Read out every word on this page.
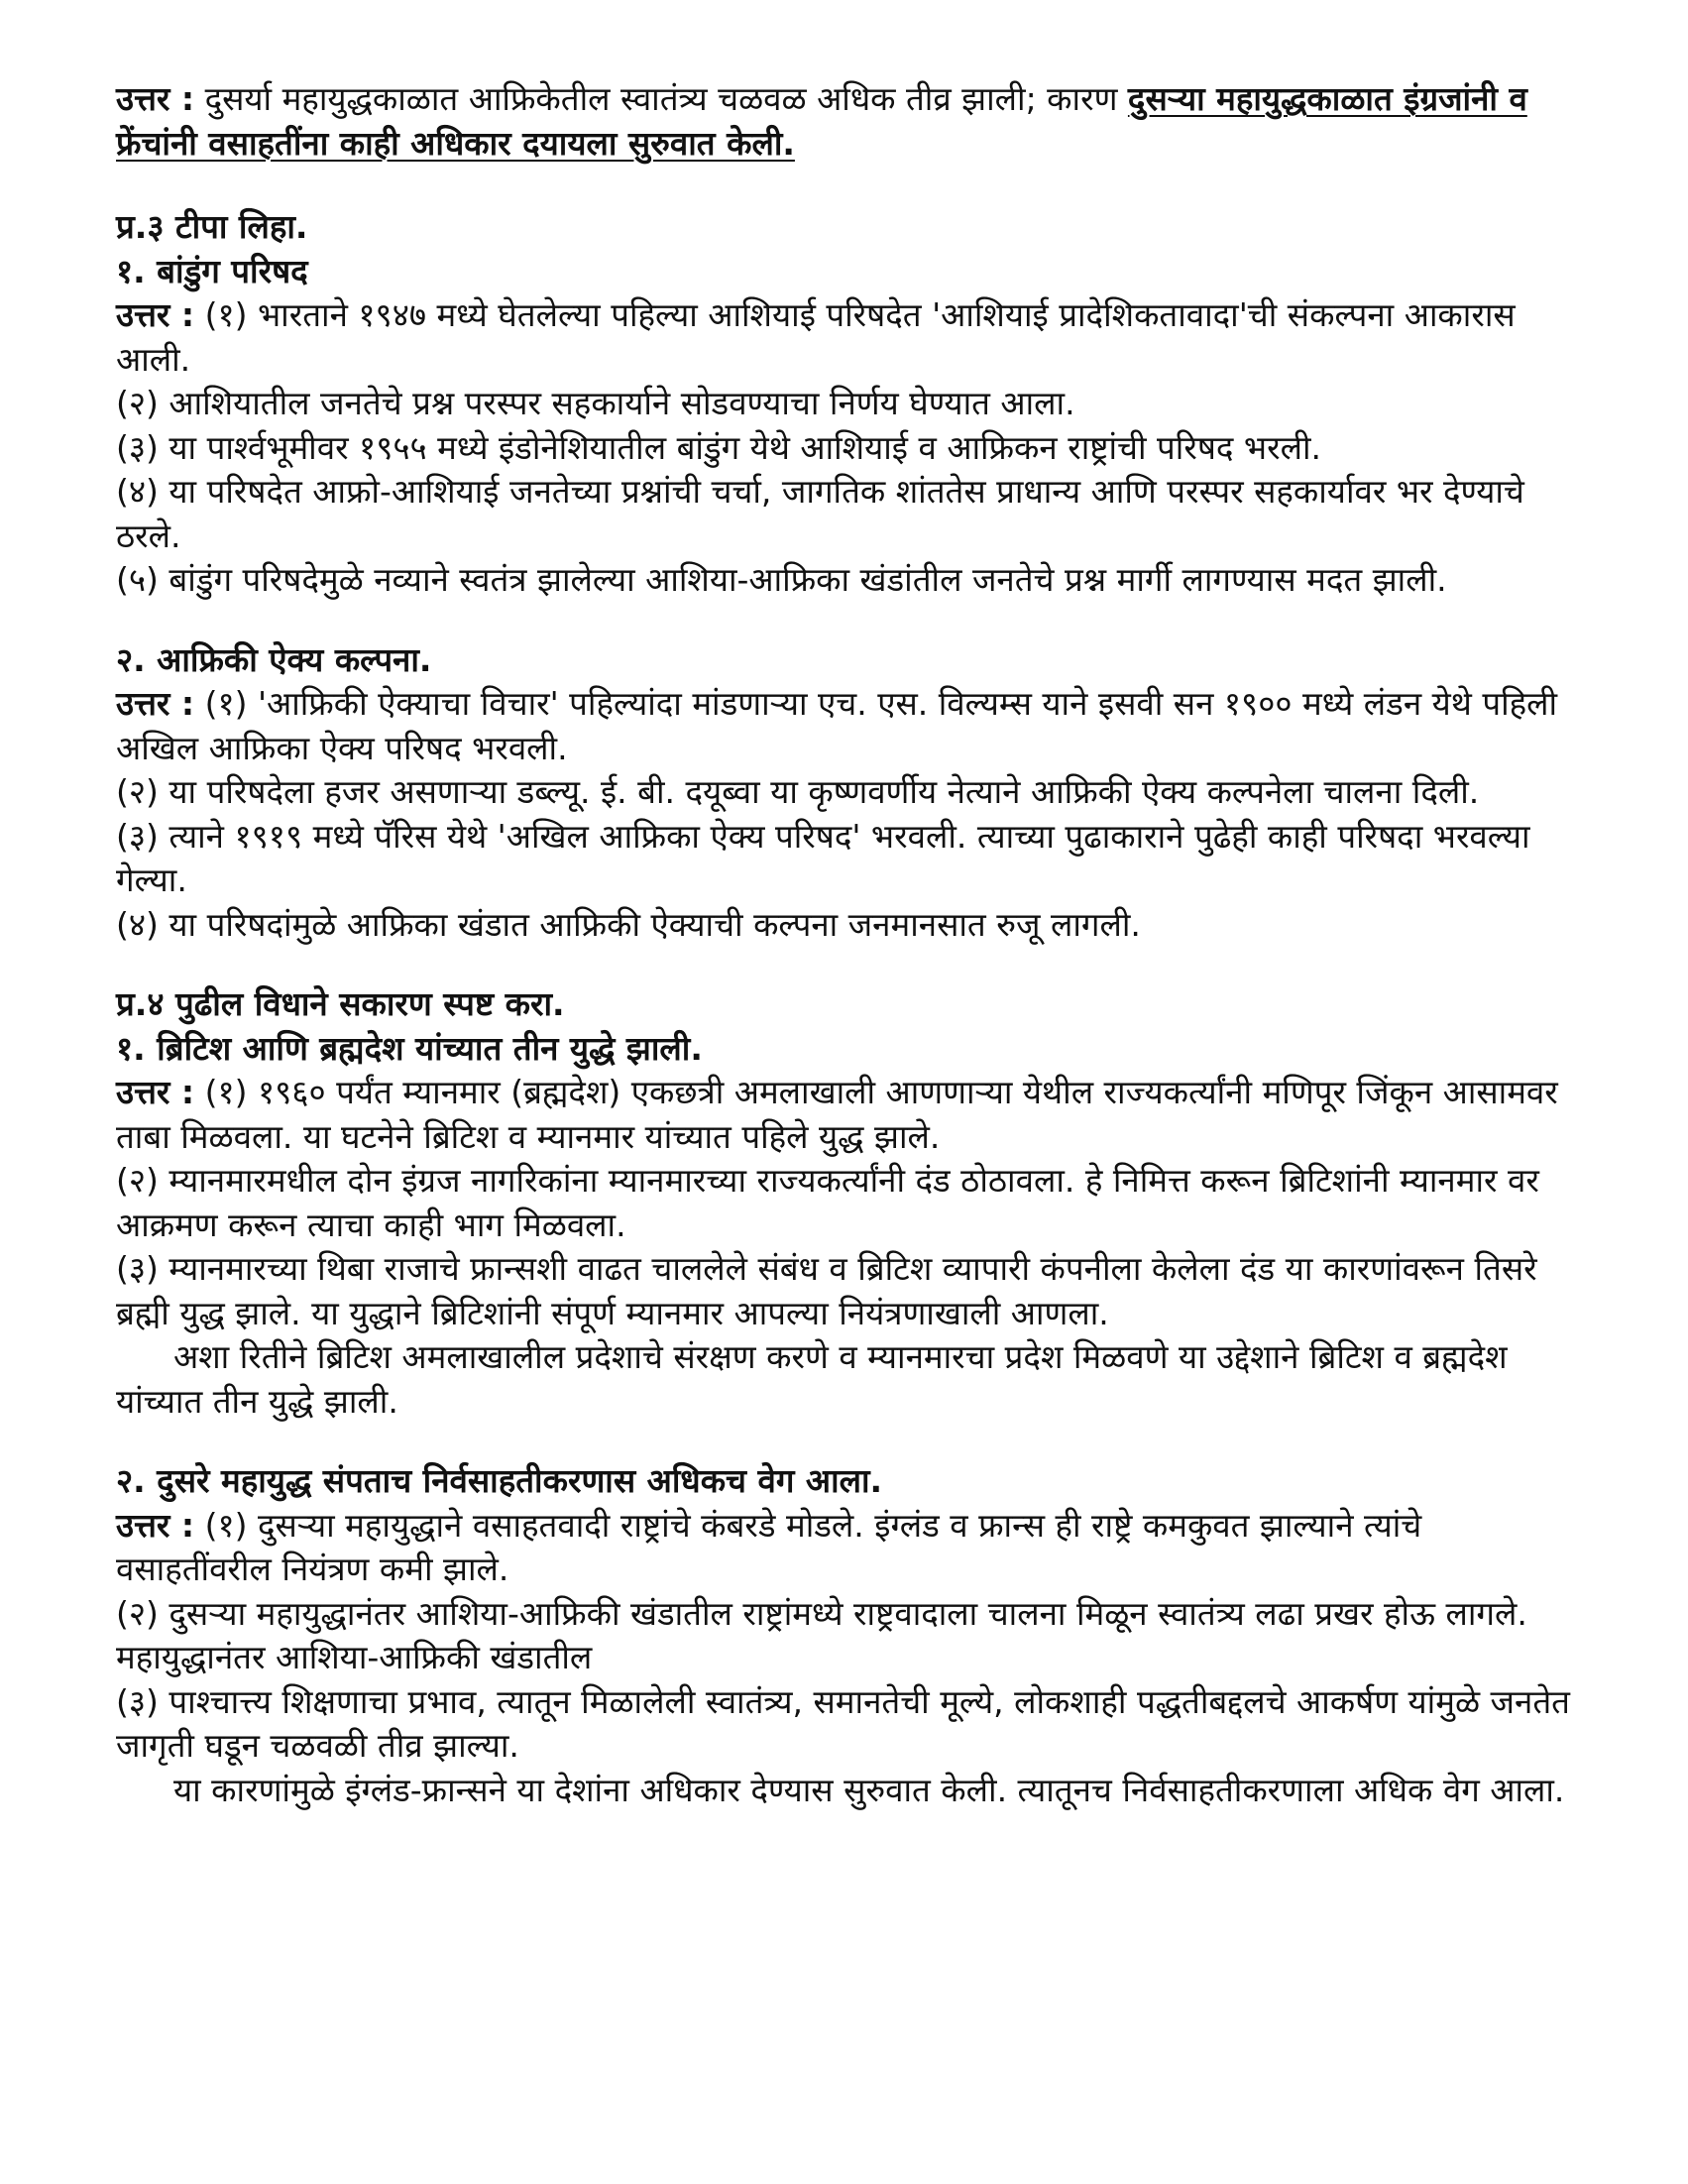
उत्तर : दुसर्या महायुद्धकाळात आफ्रिकेतील स्वातंत्र्य चळवळ अधिक तीव्र झाली; कारण दुसऱ्या महायुद्धकाळात इंग्रजांनी व फ्रेंचांनी वसाहतींना काही अधिकार दयायला सुरुवात केली.

प्र.३ टीपा लिहा.

१. बांडुंग परिषद

उत्तर : (१) भारताने १९४७ मध्ये घेतलेल्या पहिल्या आशियाई परिषदेत 'आशियाई प्रादेशिकतावादा'ची संकल्पना आकारास आली.

(२) आशियातील जनतेचे प्रश्न परस्पर सहकार्याने सोडवण्याचा निर्णय घेण्यात आला.

(३) या पार्श्वभूमीवर १९५५ मध्ये इंडोनेशियातील बांडुंग येथे आशियाई व आफ्रिकन राष्ट्रांची परिषद भरली.

(४) या परिषदेत आफ्रो-आशियाई जनतेच्या प्रश्नांची चर्चा, जागतिक शांततेस प्राधान्य आणि परस्पर सहकार्यावर भर देण्याचे ठरले.

(५) बांडुंग परिषदेमुळे नव्याने स्वतंत्र झालेल्या आशिया-आफ्रिका खंडांतील जनतेचे प्रश्न मार्गी लागण्यास मदत झाली.

२. आफ्रिकी ऐक्य कल्पना.

उत्तर : (१) 'आफ्रिकी ऐक्याचा विचार' पहिल्यांदा मांडणाऱ्या एच. एस. विल्यम्स याने इसवी सन १९०० मध्ये लंडन येथे पहिली अखिल आफ्रिका ऐक्य परिषद भरवली.

(२) या परिषदेला हजर असणाऱ्या डब्ल्यू. ई. बी. दयूब्वा या कृष्णवर्णीय नेत्याने आफ्रिकी ऐक्य कल्पनेला चालना दिली.

(३) त्याने १९१९ मध्ये पॅरिस येथे 'अखिल आफ्रिका ऐक्य परिषद' भरवली. त्याच्या पुढाकाराने पुढेही काही परिषदा भरवल्या गेल्या.

(४) या परिषदांमुळे आफ्रिका खंडात आफ्रिकी ऐक्याची कल्पना जनमानसात रुजू लागली.

प्र.४ पुढील विधाने सकारण स्पष्ट करा.

१. ब्रिटिश आणि ब्रह्मदेश यांच्यात तीन युद्धे झाली.

उत्तर : (१) १९६० पर्यंत म्यानमार (ब्रह्मदेश) एकछत्री अमलाखाली आणणाऱ्या येथील राज्यकर्त्यांनी मणिपूर जिंकून आसामवर ताबा मिळवला. या घटनेने ब्रिटिश व म्यानमार यांच्यात पहिले युद्ध झाले.

(२) म्यानमारमधील दोन इंग्रज नागरिकांना म्यानमारच्या राज्यकर्त्यांनी दंड ठोठावला. हे निमित्त करून ब्रिटिशांनी म्यानमार वर आक्रमण करून त्याचा काही भाग मिळवला.

(३) म्यानमारच्या थिबा राजाचे फ्रान्सशी वाढत चाललेले संबंध व ब्रिटिश व्यापारी कंपनीला केलेला दंड या कारणांवरून तिसरे ब्रह्मी युद्ध झाले. या युद्धाने ब्रिटिशांनी संपूर्ण म्यानमार आपल्या नियंत्रणाखाली आणला.

अशा रितीने ब्रिटिश अमलाखालील प्रदेशाचे संरक्षण करणे व म्यानमारचा प्रदेश मिळवणे या उद्देशाने ब्रिटिश व ब्रह्मदेश यांच्यात तीन युद्धे झाली.

२. दुसरे महायुद्ध संपताच निर्वसाहतीकरणास अधिकच वेग आला.

उत्तर : (१) दुसऱ्या महायुद्धाने वसाहतवादी राष्ट्रांचे कंबरडे मोडले. इंग्लंड व फ्रान्स ही राष्ट्रे कमकुवत झाल्याने त्यांचे वसाहतींवरील नियंत्रण कमी झाले.

(२) दुसऱ्या महायुद्धानंतर आशिया-आफ्रिकी खंडातील राष्ट्रांमध्ये राष्ट्रवादाला चालना मिळून स्वातंत्र्य लढा प्रखर होऊ लागले. महायुद्धानंतर आशिया-आफ्रिकी खंडातील

(३) पाश्चात्त्य शिक्षणाचा प्रभाव, त्यातून मिळालेली स्वातंत्र्य, समानतेची मूल्ये, लोकशाही पद्धतीबद्दलचे आकर्षण यांमुळे जनतेत जागृती घडून चळवळी तीव्र झाल्या.

या कारणांमुळे इंग्लंड-फ्रान्सने या देशांना अधिकार देण्यास सुरुवात केली. त्यातूनच निर्वसाहतीकरणाला अधिक वेग आला.
